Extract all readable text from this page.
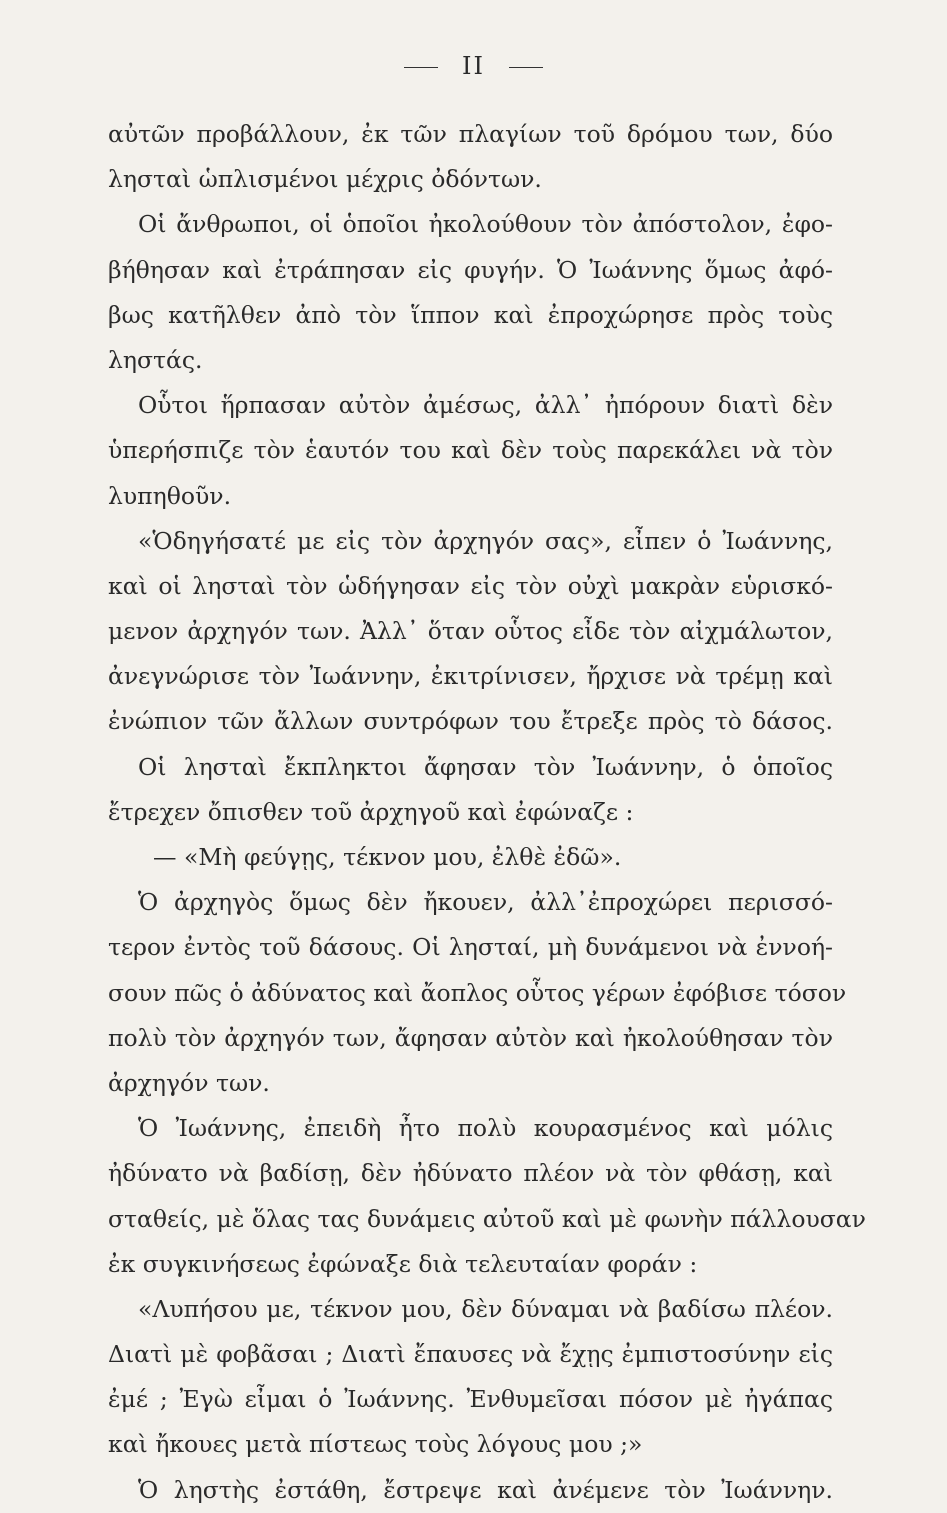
II
αὐτῶν προβάλλουν, ἐκ τῶν πλαγίων τοῦ δρόμου των, δύο
λησταὶ ὡπλισμένοι μέχρις ὀδόντων.
Οἱ ἄνθρωποι, οἱ ὁποῖοι ἠκολούθουν τὸν ἀπόστολον, ἐφο-
βήθησαν καὶ ἐτράπησαν εἰς φυγήν. Ὁ Ἰωάννης ὅμως ἀφό-
βως κατῆλθεν ἀπὸ τὸν ἵππον καὶ ἐπροχώρησε πρὸς τοὺς
ληστάς.
Οὗτοι ἥρπασαν αὐτὸν ἀμέσως, ἀλλ᾽ ἠπόρουν διατὶ δὲν
ὑπερήσπιζε τὸν ἑαυτόν του καὶ δὲν τοὺς παρεκάλει νὰ τὸν
λυπηθοῦν.
«Ὁδηγήσατέ με εἰς τὸν ἀρχηγόν σας», εἶπεν ὁ Ἰωάννης,
καὶ οἱ λησταὶ τὸν ὡδήγησαν εἰς τὸν οὐχὶ μακρὰν εὑρισκό-
μενον ἀρχηγόν των. Ἀλλ᾽ ὅταν οὗτος εἶδε τὸν αἰχμάλωτον,
ἀνεγνώρισε τὸν Ἰωάννην, ἐκιτρίνισεν, ἤρχισε νὰ τρέμῃ καὶ
ἐνώπιον τῶν ἄλλων συντρόφων του ἔτρεξε πρὸς τὸ δάσος.
Οἱ λησταὶ ἔκπληκτοι ἄφησαν τὸν Ἰωάννην, ὁ ὁποῖος
ἔτρεχεν ὄπισθεν τοῦ ἀρχηγοῦ καὶ ἐφώναζε :
— «Μὴ φεύγῃς, τέκνον μου, ἐλθὲ ἐδῶ».
Ὁ ἀρχηγὸς ὅμως δὲν ἤκουεν, ἀλλ᾽ἐπροχώρει περισσό-
τερον ἐντὸς τοῦ δάσους. Οἱ λησταί, μὴ δυνάμενοι νὰ ἐννοή-
σουν πῶς ὁ ἀδύνατος καὶ ἄοπλος οὗτος γέρων ἐφόβισε τόσον
πολὺ τὸν ἀρχηγόν των, ἄφησαν αὐτὸν καὶ ἠκολούθησαν τὸν
ἀρχηγόν των.
Ὁ Ἰωάννης, ἐπειδὴ ἦτο πολὺ κουρασμένος καὶ μόλις
ἠδύνατο νὰ βαδίσῃ, δὲν ἠδύνατο πλέον νὰ τὸν φθάσῃ, καὶ
σταθείς, μὲ ὅλας τας δυνάμεις αὐτοῦ καὶ μὲ φωνὴν πάλλουσαν
ἐκ συγκινήσεως ἐφώναξε διὰ τελευταίαν φοράν :
«Λυπήσου με, τέκνον μου, δὲν δύναμαι νὰ βαδίσω πλέον.
Διατὶ μὲ φοβᾶσαι ; Διατὶ ἔπαυσες νὰ ἔχῃς ἐμπιστοσύνην εἰς
ἐμέ ; Ἐγὼ εἶμαι ὁ Ἰωάννης. Ἐνθυμεῖσαι πόσον μὲ ἠγάπας
καὶ ἤκουες μετὰ πίστεως τοὺς λόγους μου ;»
Ὁ ληστὴς ἐστάθη, ἔστρεψε καὶ ἀνέμενε τὸν Ἰωάννην.
